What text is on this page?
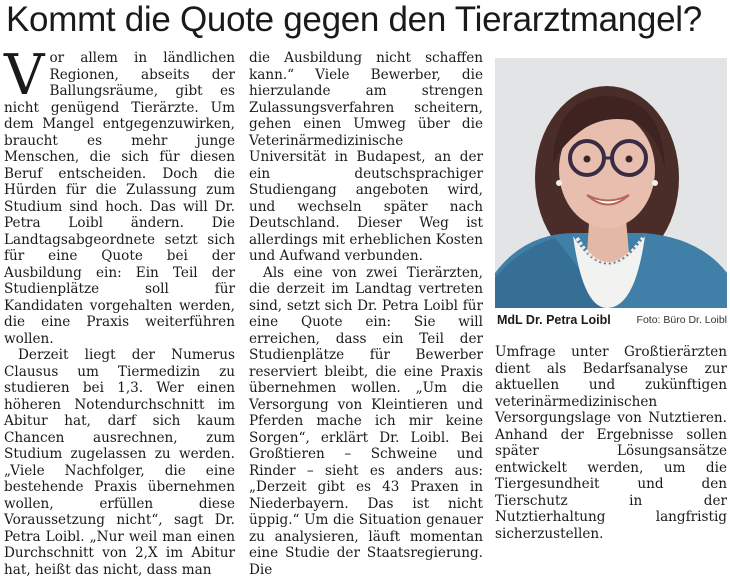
Kommt die Quote gegen den Tierarztmangel?

Vor allem in ländlichen Regionen, abseits der Ballungsräume, gibt es nicht genügend Tierärzte. Um dem Mangel entgegenzuwirken, braucht es mehr junge Menschen, die sich für diesen Beruf entscheiden. Doch die Hürden für die Zulassung zum Studium sind hoch. Das will Dr. Petra Loibl ändern. Die Landtagsabgeordnete setzt sich für eine Quote bei der Ausbildung ein: Ein Teil der Studienplätze soll für Kandidaten vorgehalten werden, die eine Praxis weiterführen wollen.

Derzeit liegt der Numerus Clausus um Tiermedizin zu studieren bei 1,3. Wer einen höheren Notendurchschnitt im Abitur hat, darf sich kaum Chancen ausrechnen, zum Studium zugelassen zu werden. „Viele Nachfolger, die eine bestehende Praxis übernehmen wollen, erfüllen diese Voraussetzung nicht“, sagt Dr. Petra Loibl. „Nur weil man einen Durchschnitt von 2,X im Abitur hat, heißt das nicht, dass man

die Ausbildung nicht schaffen kann.“ Viele Bewerber, die hierzulande am strengen Zulassungsverfahren scheitern, gehen einen Umweg über die Veterinärmedizinische Universität in Budapest, an der ein deutschsprachiger Studiengang angeboten wird, und wechseln später nach Deutschland. Dieser Weg ist allerdings mit erheblichen Kosten und Aufwand verbunden.

Als eine von zwei Tierärzten, die derzeit im Landtag vertreten sind, setzt sich Dr. Petra Loibl für eine Quote ein: Sie will erreichen, dass ein Teil der Studienplätze für Bewerber reserviert bleibt, die eine Praxis übernehmen wollen. „Um die Versorgung von Kleintieren und Pferden mache ich mir keine Sorgen“, erklärt Dr. Loibl. Bei Großtieren – Schweine und Rinder – sieht es anders aus: „Derzeit gibt es 43 Praxen in Niederbayern. Das ist nicht üppig.“ Um die Situation genauer zu analysieren, läuft momentan eine Studie der Staatsregierung. Die

MdL Dr. Petra Loibl Foto: Büro Dr. Loibl

Umfrage unter Großtierärzten dient als Bedarfsanalyse zur aktuellen und zukünftigen veterinärmedizinischen Versorgungslage von Nutztieren. Anhand der Ergebnisse sollen später Lösungsansätze entwickelt werden, um die Tiergesundheit und den Tierschutz in der Nutztierhaltung langfristig sicherzustellen.
